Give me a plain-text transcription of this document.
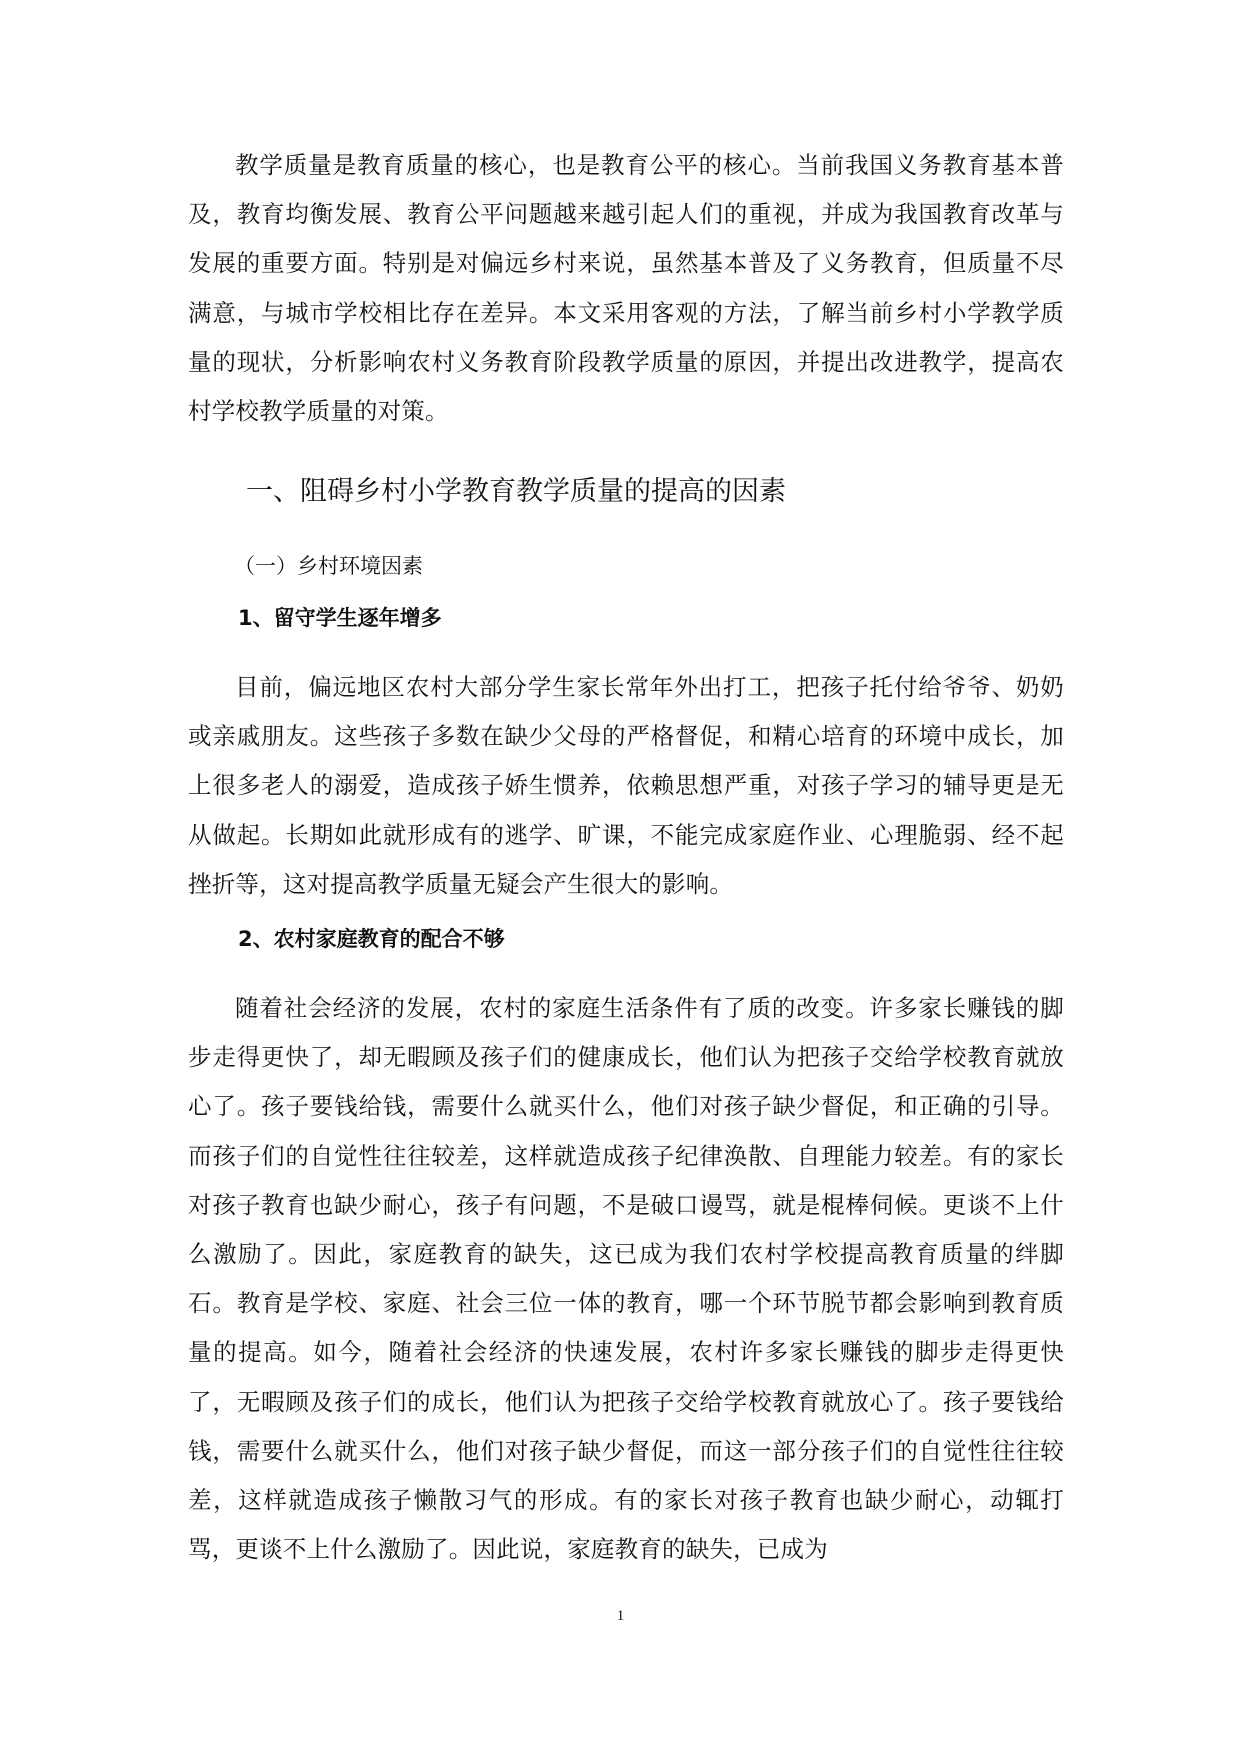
教学质量是教育质量的核心，也是教育公平的核心。当前我国义务教育基本普及，教育均衡发展、教育公平问题越来越引起人们的重视，并成为我国教育改革与发展的重要方面。特别是对偏远乡村来说，虽然基本普及了义务教育，但质量不尽满意，与城市学校相比存在差异。本文采用客观的方法，了解当前乡村小学教学质量的现状，分析影响农村义务教育阶段教学质量的原因，并提出改进教学，提高农村学校教学质量的对策。

一、阻碍乡村小学教育教学质量的提高的因素
（一）乡村环境因素
1、留守学生逐年增多

目前，偏远地区农村大部分学生家长常年外出打工，把孩子托付给爷爷、奶奶或亲戚朋友。这些孩子多数在缺少父母的严格督促，和精心培育的环境中成长，加上很多老人的溺爱，造成孩子娇生惯养，依赖思想严重，对孩子学习的辅导更是无从做起。长期如此就形成有的逃学、旷课，不能完成家庭作业、心理脆弱、经不起挫折等，这对提高教学质量无疑会产生很大的影响。

2、农村家庭教育的配合不够

随着社会经济的发展，农村的家庭生活条件有了质的改变。许多家长赚钱的脚步走得更快了，却无暇顾及孩子们的健康成长，他们认为把孩子交给学校教育就放心了。孩子要钱给钱，需要什么就买什么，他们对孩子缺少督促，和正确的引导。而孩子们的自觉性往往较差，这样就造成孩子纪律涣散、自理能力较差。有的家长对孩子教育也缺少耐心，孩子有问题，不是破口谩骂，就是棍棒伺候。更谈不上什么激励了。因此，家庭教育的缺失，这已成为我们农村学校提高教育质量的绊脚石。教育是学校、家庭、社会三位一体的教育，哪一个环节脱节都会影响到教育质量的提高。如今，随着社会经济的快速发展，农村许多家长赚钱的脚步走得更快了，无暇顾及孩子们的成长，他们认为把孩子交给学校教育就放心了。孩子要钱给钱，需要什么就买什么，他们对孩子缺少督促，而这一部分孩子们的自觉性往往较差，这样就造成孩子懒散习气的形成。有的家长对孩子教育也缺少耐心，动辄打骂，更谈不上什么激励了。因此说，家庭教育的缺失，已成为

1
